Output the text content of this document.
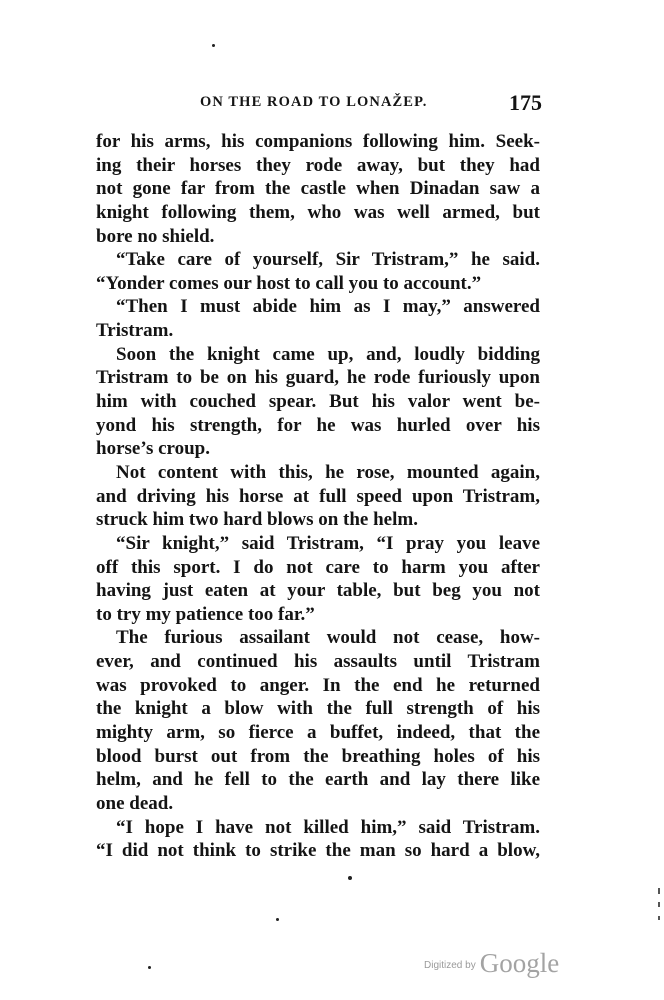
ON THE ROAD TO LONAŽEP.	175
for his arms, his companions following him. Seek-
ing their horses they rode away, but they had
not gone far from the castle when Dinadan saw a
knight following them, who was well armed, but
bore no shield.
“Take care of yourself, Sir Tristram,” he said.
“Yonder comes our host to call you to account.”
“Then I must abide him as I may,” answered
Tristram.
Soon the knight came up, and, loudly bidding
Tristram to be on his guard, he rode furiously upon
him with couched spear. But his valor went be-
yond his strength, for he was hurled over his
horse’s croup.
Not content with this, he rose, mounted again,
and driving his horse at full speed upon Tristram,
struck him two hard blows on the helm.
“Sir knight,” said Tristram, “I pray you leave
off this sport. I do not care to harm you after
having just eaten at your table, but beg you not
to try my patience too far.”
The furious assailant would not cease, how-
ever, and continued his assaults until Tristram
was provoked to anger. In the end he returned
the knight a blow with the full strength of his
mighty arm, so fierce a buffet, indeed, that the
blood burst out from the breathing holes of his
helm, and he fell to the earth and lay there like
one dead.
“I hope I have not killed him,” said Tristram.
“I did not think to strike the man so hard a blow,
$^{Digitized by}$ Google
